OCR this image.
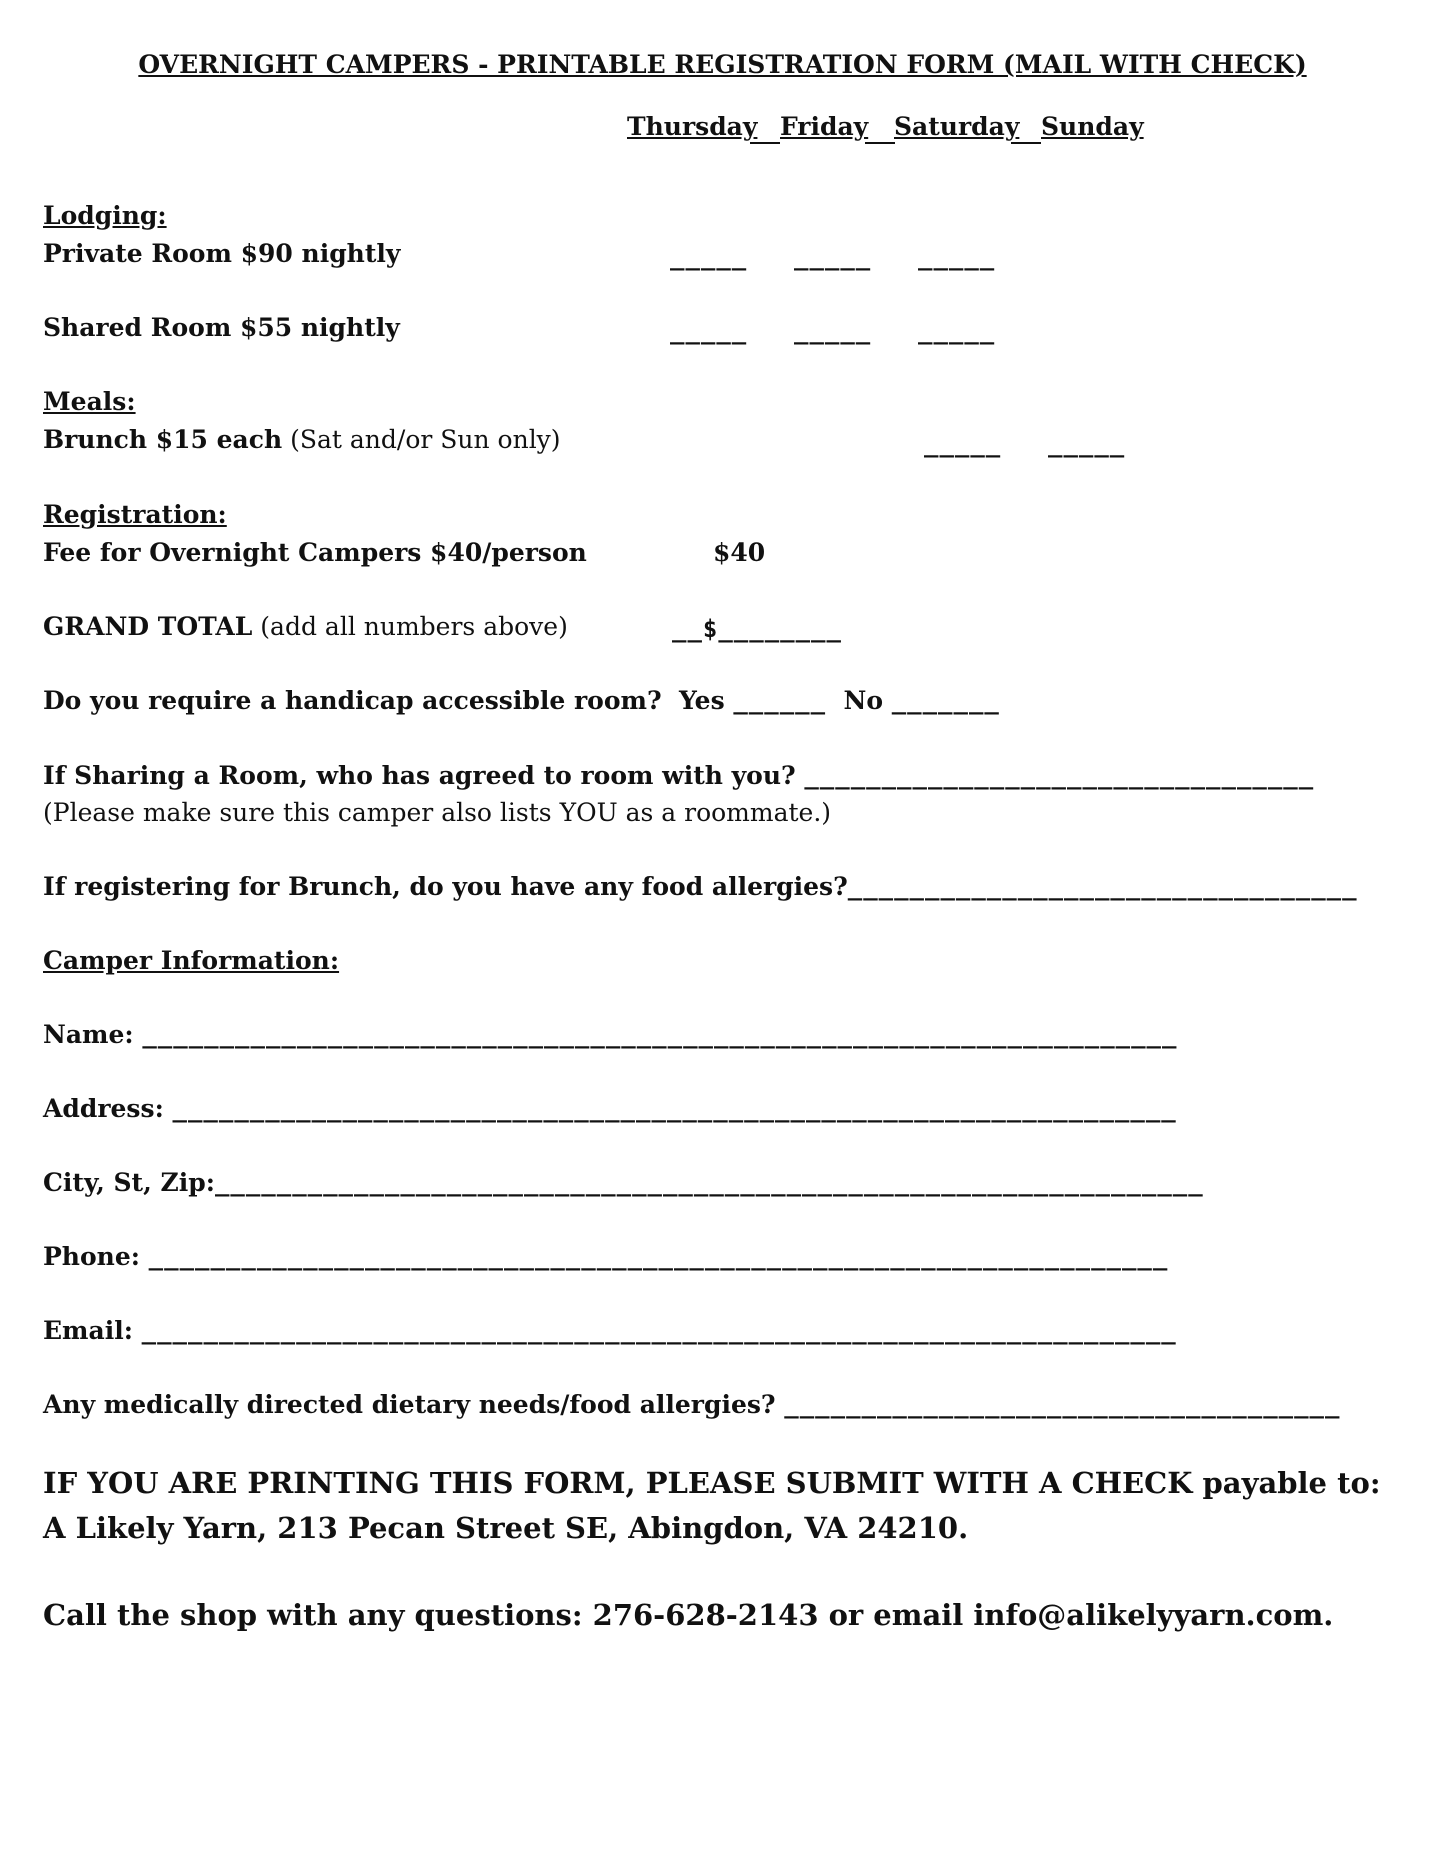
OVERNIGHT CAMPERS - PRINTABLE REGISTRATION FORM (MAIL WITH CHECK)
Thursday Friday Saturday Sunday
Lodging:
Private Room $90 nightly	_____ _____ _____
Shared Room $55 nightly	_____ _____ _____
Meals:
Brunch $15 each (Sat and/or Sun only)	_____ _____
Registration:
Fee for Overnight Campers $40/person	$40
GRAND TOTAL (add all numbers above)	__$________
Do you require a handicap accessible room?  Yes ______  No _______
If Sharing a Room, who has agreed to room with you? _________________________________
(Please make sure this camper also lists YOU as a roommate.)
If registering for Brunch, do you have any food allergies?_________________________________
Camper Information:
Name: ___________________________________________________________________
Address: _________________________________________________________________
City, St, Zip:________________________________________________________________
Phone: __________________________________________________________________
Email: ___________________________________________________________________
Any medically directed dietary needs/food allergies? ____________________________________
IF YOU ARE PRINTING THIS FORM, PLEASE SUBMIT WITH A CHECK payable to:
A Likely Yarn, 213 Pecan Street SE, Abingdon, VA 24210.
Call the shop with any questions: 276-628-2143 or email info@alikelyyarn.com.
